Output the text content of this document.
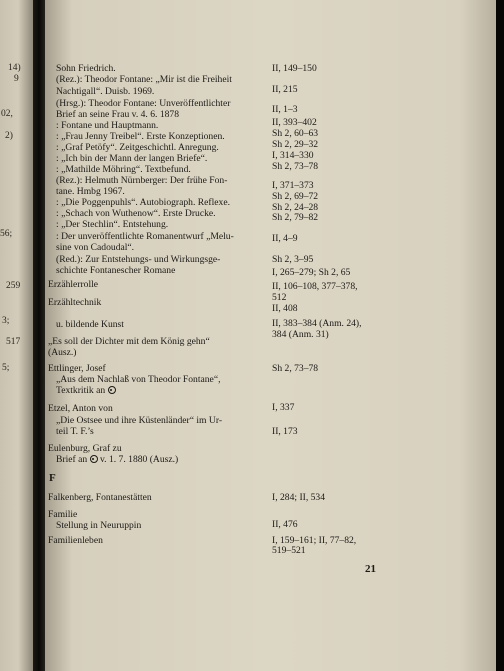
14)
9
02,
2)
56;
259
3;
517
5;
Sohn Friedrich.
(Rez.): Theodor Fontane: „Mir ist die Freiheit
Nachtigall“. Duisb. 1969.
(Hrsg.): Theodor Fontane: Unveröffentlichter
Brief an seine Frau v. 4. 6. 1878
: Fontane und Hauptmann.
: „Frau Jenny Treibel“. Erste Konzeptionen.
: „Graf Petöfy“. Zeitgeschichtl. Anregung.
: „Ich bin der Mann der langen Briefe“.
: „Mathilde Möhring“. Textbefund.
(Rez.): Helmuth Nürnberger: Der frühe Fon-
tane. Hmbg 1967.
: „Die Poggenpuhls“. Autobiograph. Reflexe.
: „Schach von Wuthenow“. Erste Drucke.
: „Der Stechlin“. Entstehung.
: Der unveröffentlichte Romanentwurf „Melu-
sine von Cadoudal“.
(Red.): Zur Entstehungs- und Wirkungsge-
schichte Fontanescher Romane
Erzählerrolle
Erzähltechnik
u. bildende Kunst
„Es soll der Dichter mit dem König gehn“
(Ausz.)
Ettlinger, Josef
„Aus dem Nachlaß von Theodor Fontane“,
Textkritik an
Etzel, Anton von
„Die Ostsee und ihre Küstenländer“ im Ur-
teil T. F.’s
Eulenburg, Graf zu
Brief an v. 1. 7. 1880 (Ausz.)
F
Falkenberg, Fontanestätten
Familie
Stellung in Neuruppin
Familienleben
II, 149–150
II, 215
II, 1–3
II, 393–402
Sh 2, 60–63
Sh 2, 29–32
I, 314–330
Sh 2, 73–78
I, 371–373
Sh 2, 69–72
Sh 2, 24–28
Sh 2, 79–82
II, 4–9
Sh 2, 3–95
I, 265–279; Sh 2, 65
II, 106–108, 377–378,
512
II, 408
II, 383–384 (Anm. 24),
384 (Anm. 31)
Sh 2, 73–78
I, 337
II, 173
I, 284; II, 534
II, 476
I, 159–161; II, 77–82,
519–521
21
